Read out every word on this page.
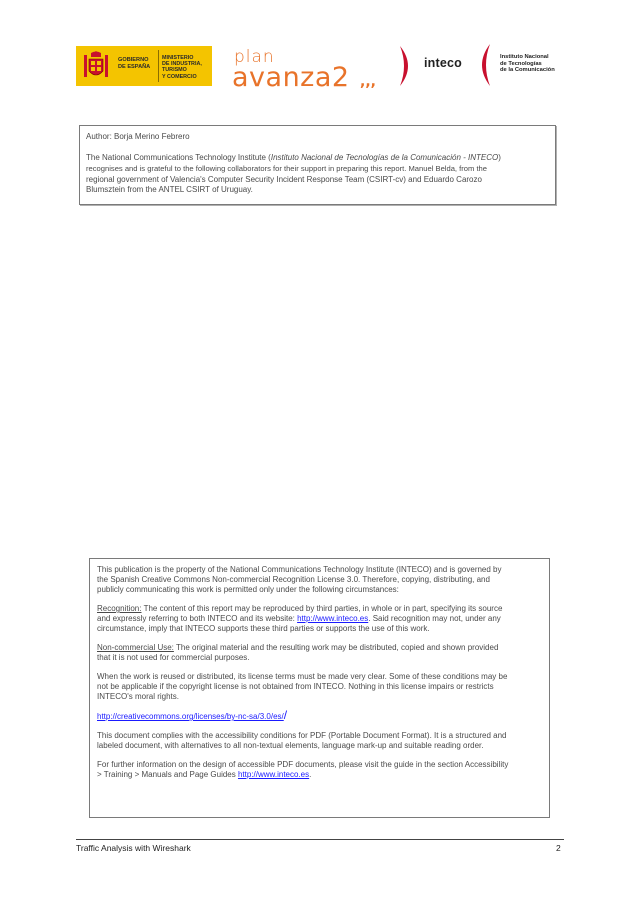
GOBIERNO
DE ESPAÑA
MINISTERIO
DE INDUSTRIA, TURISMO
Y COMERCIO
plan
avanza2 ,,,
inteco	Instituto Nacional
de Tecnologías
de la Comunicación
Author: Borja Merino Febrero
The National Communications Technology Institute (Instituto Nacional de Tecnologías de la Comunicación - INTECO)
recognises and is grateful to the following collaborators for their support in preparing this report. Manuel Belda, from the
regional government of Valencia's Computer Security Incident Response Team (CSIRT-cv) and Eduardo Carozo
Blumsztein from the ANTEL CSIRT of Uruguay.
This publication is the property of the National Communications Technology Institute (INTECO) and is governed by
the Spanish Creative Commons Non-commercial Recognition License 3.0. Therefore, copying, distributing, and
publicly communicating this work is permitted only under the following circumstances:
Recognition: The content of this report may be reproduced by third parties, in whole or in part, specifying its source
and expressly referring to both INTECO and its website: http://www.inteco.es. Said recognition may not, under any
circumstance, imply that INTECO supports these third parties or supports the use of this work.
Non-commercial Use: The original material and the resulting work may be distributed, copied and shown provided
that it is not used for commercial purposes.
When the work is reused or distributed, its license terms must be made very clear. Some of these conditions may be
not be applicable if the copyright license is not obtained from INTECO. Nothing in this license impairs or restricts
INTECO's moral rights.
http://creativecommons.org/licenses/by-nc-sa/3.0/es//
This document complies with the accessibility conditions for PDF (Portable Document Format). It is a structured and
labeled document, with alternatives to all non-textual elements, language mark-up and suitable reading order.
For further information on the design of accessible PDF documents, please visit the guide in the section Accessibility
> Training > Manuals and Page Guides http://www.inteco.es.
Traffic Analysis with Wireshark	2
